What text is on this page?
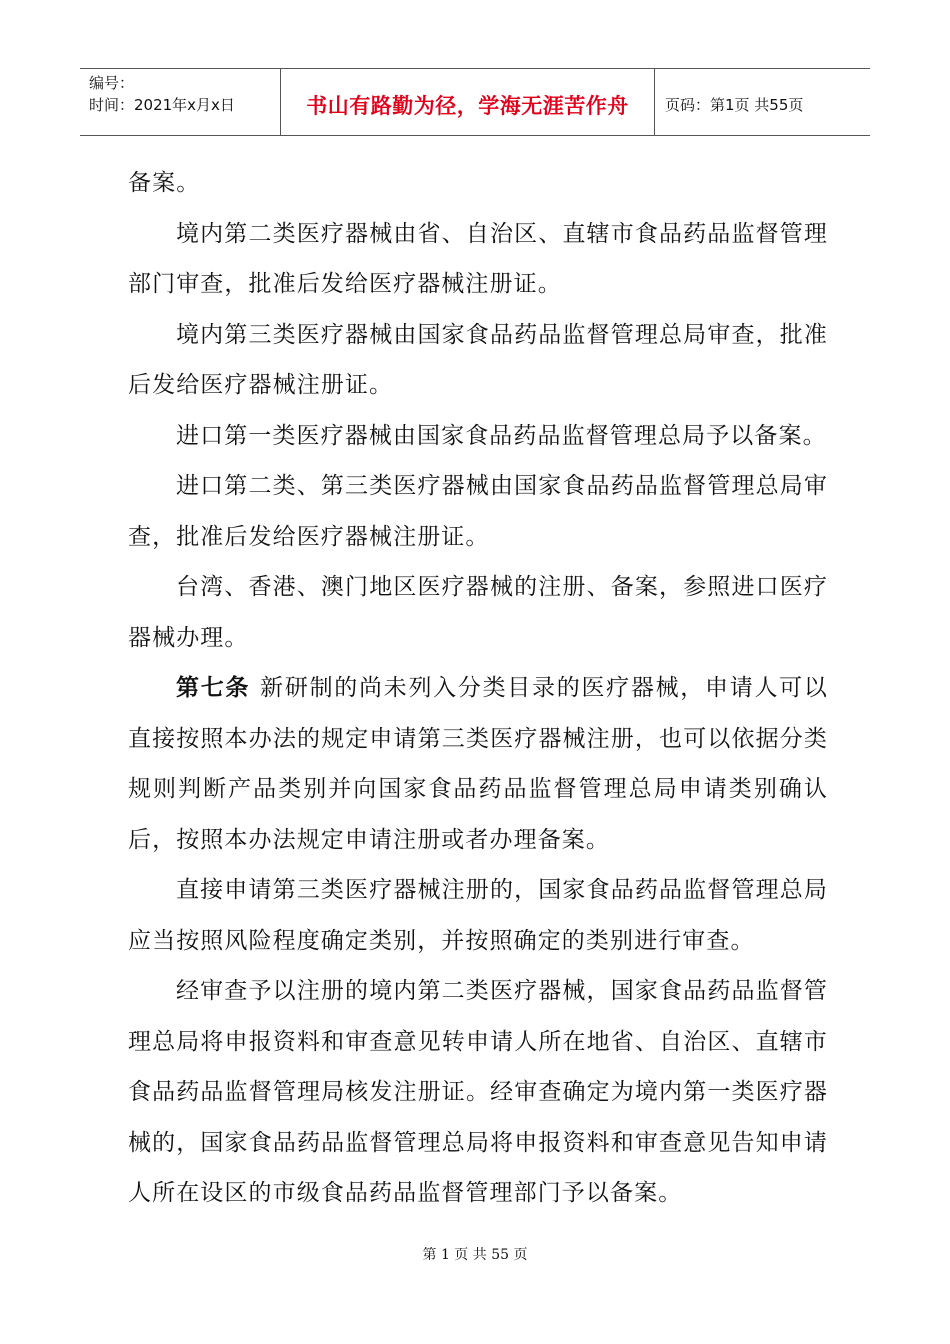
编号：
时间：2021年x月x日	书山有路勤为径，学海无涯苦作舟	页码：第1页 共55页

备案。

境内第二类医疗器械由省、自治区、直辖市食品药品监督管理部门审查，批准后发给医疗器械注册证。

境内第三类医疗器械由国家食品药品监督管理总局审查，批准后发给医疗器械注册证。

进口第一类医疗器械由国家食品药品监督管理总局予以备案。

进口第二类、第三类医疗器械由国家食品药品监督管理总局审查，批准后发给医疗器械注册证。

台湾、香港、澳门地区医疗器械的注册、备案，参照进口医疗器械办理。

第七条 新研制的尚未列入分类目录的医疗器械，申请人可以直接按照本办法的规定申请第三类医疗器械注册，也可以依据分类规则判断产品类别并向国家食品药品监督管理总局申请类别确认后，按照本办法规定申请注册或者办理备案。

直接申请第三类医疗器械注册的，国家食品药品监督管理总局应当按照风险程度确定类别，并按照确定的类别进行审查。

经审查予以注册的境内第二类医疗器械，国家食品药品监督管理总局将申报资料和审查意见转申请人所在地省、自治区、直辖市食品药品监督管理局核发注册证。经审查确定为境内第一类医疗器械的，国家食品药品监督管理总局将申报资料和审查意见告知申请人所在设区的市级食品药品监督管理部门予以备案。

第 1 页 共 55 页
